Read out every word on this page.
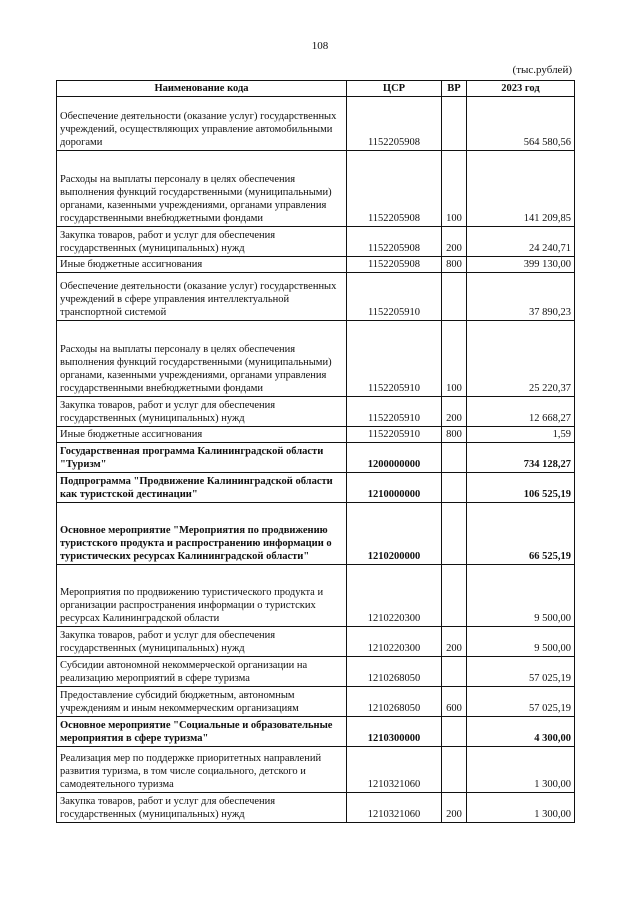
108
(тыс.рублей)
Наименование кода	ЦСР	ВР	2023 год
Обеспечение деятельности (оказание услуг) государственных учреждений, осуществляющих управление автомобильными дорогами	1152205908		564 580,56
Расходы на выплаты персоналу в целях обеспечения выполнения функций государственными (муниципальными) органами, казенными учреждениями, органами управления государственными внебюджетными фондами	1152205908	100	141 209,85
Закупка товаров, работ и услуг для обеспечения государственных (муниципальных) нужд	1152205908	200	24 240,71
Иные бюджетные ассигнования	1152205908	800	399 130,00
Обеспечение деятельности (оказание услуг) государственных учреждений в сфере управления интеллектуальной транспортной системой	1152205910		37 890,23
Расходы на выплаты персоналу в целях обеспечения выполнения функций государственными (муниципальными) органами, казенными учреждениями, органами управления государственными внебюджетными фондами	1152205910	100	25 220,37
Закупка товаров, работ и услуг для обеспечения государственных (муниципальных) нужд	1152205910	200	12 668,27
Иные бюджетные ассигнования	1152205910	800	1,59
Государственная программа Калининградской области "Туризм"	1200000000		734 128,27
Подпрограмма "Продвижение Калининградской области как туристской дестинации"	1210000000		106 525,19
Основное мероприятие "Мероприятия по продвижению туристского продукта и распространению информации о туристических ресурсах Калининградской области"	1210200000		66 525,19
Мероприятия по продвижению туристического продукта и организации распространения информации о туристских ресурсах Калининградской области	1210220300		9 500,00
Закупка товаров, работ и услуг для обеспечения государственных (муниципальных) нужд	1210220300	200	9 500,00
Субсидии автономной некоммерческой организации на реализацию мероприятий в сфере туризма	1210268050		57 025,19
Предоставление субсидий бюджетным, автономным учреждениям и иным некоммерческим организациям	1210268050	600	57 025,19
Основное мероприятие "Социальные и образовательные мероприятия в сфере туризма"	1210300000		4 300,00
Реализация мер по поддержке приоритетных направлений развития туризма, в том числе социального, детского и самодеятельного туризма	1210321060		1 300,00
Закупка товаров, работ и услуг для обеспечения государственных (муниципальных) нужд	1210321060	200	1 300,00
